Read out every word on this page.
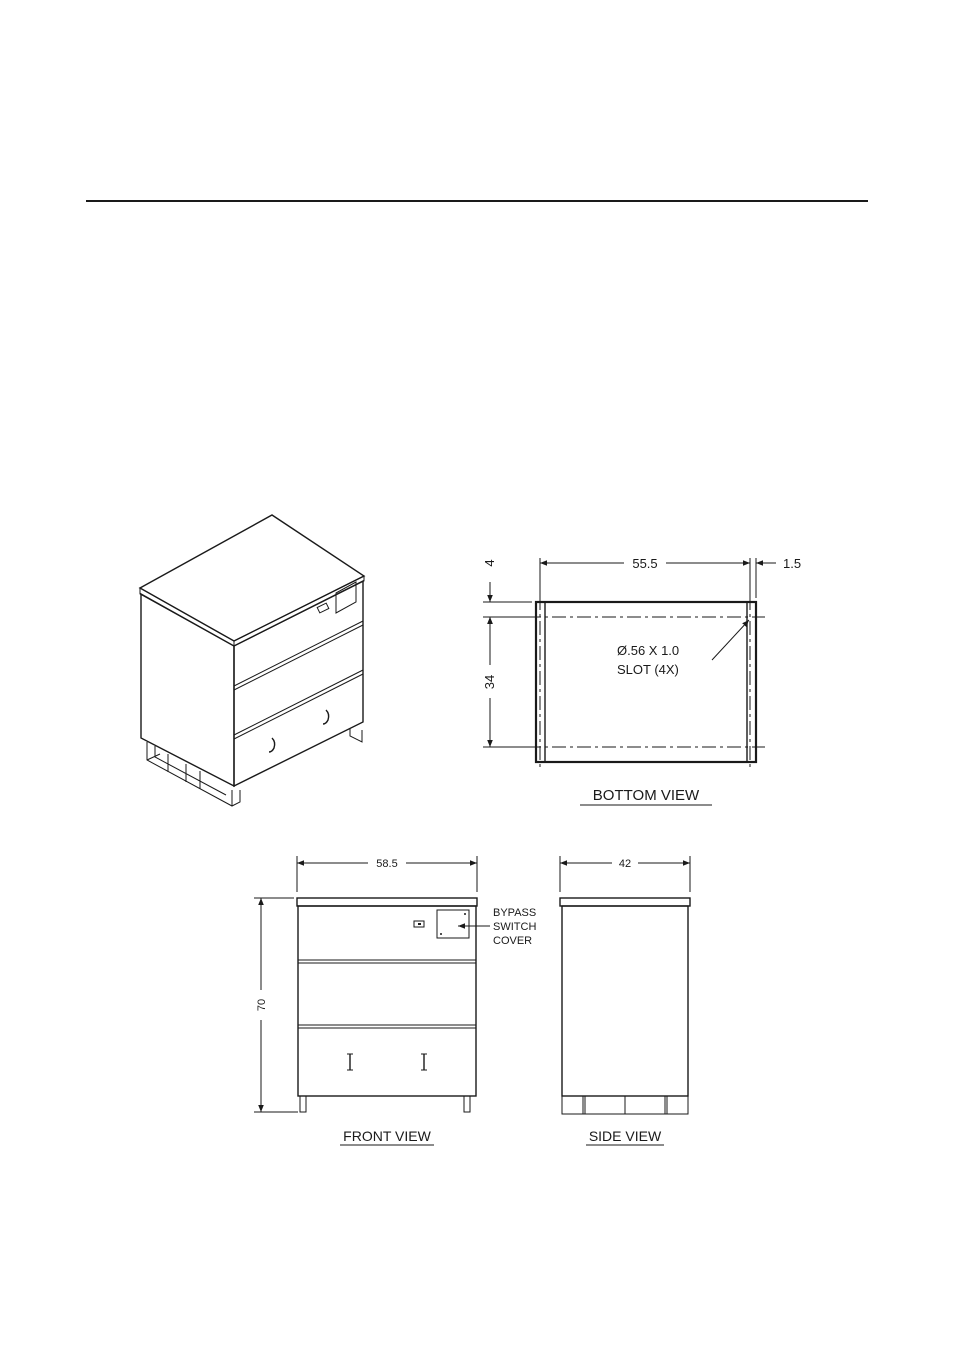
55.5	1.5
4
34
Ø.56 X 1.0
SLOT (4X)
BOTTOM VIEW
58.5
70
BYPASS
SWITCH
COVER
FRONT VIEW
42
SIDE VIEW
